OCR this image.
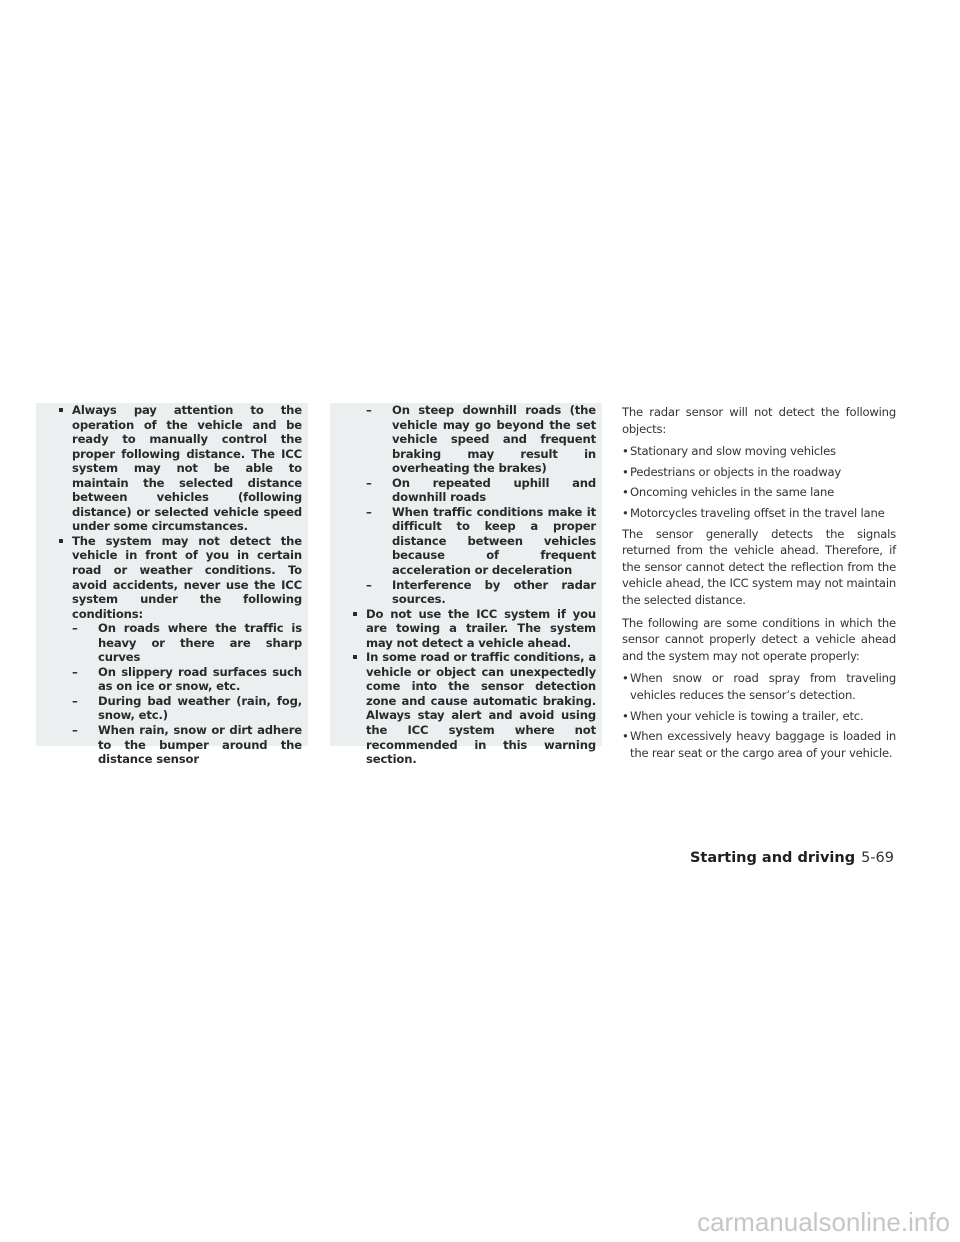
Always pay attention to the operation of the vehicle and be ready to manually control the proper following distance. The ICC system may not be able to maintain the selected distance between vehicles (following distance) or selected vehicle speed under some circumstances.
The system may not detect the vehicle in front of you in certain road or weather conditions. To avoid accidents, never use the ICC system under the following conditions:
– On roads where the traffic is heavy or there are sharp curves
– On slippery road surfaces such as on ice or snow, etc.
– During bad weather (rain, fog, snow, etc.)
– When rain, snow or dirt adhere to the bumper around the distance sensor
– On steep downhill roads (the vehicle may go beyond the set vehicle speed and frequent braking may result in overheating the brakes)
– On repeated uphill and downhill roads
– When traffic conditions make it difficult to keep a proper distance between vehicles because of frequent acceleration or deceleration
– Interference by other radar sources.
Do not use the ICC system if you are towing a trailer. The system may not detect a vehicle ahead.
In some road or traffic conditions, a vehicle or object can unexpectedly come into the sensor detection zone and cause automatic braking. Always stay alert and avoid using the ICC system where not recommended in this warning section.

The radar sensor will not detect the following objects:

• Stationary and slow moving vehicles
• Pedestrians or objects in the roadway
• Oncoming vehicles in the same lane
• Motorcycles traveling offset in the travel lane

The sensor generally detects the signals returned from the vehicle ahead. Therefore, if the sensor cannot detect the reflection from the vehicle ahead, the ICC system may not maintain the selected distance.

The following are some conditions in which the sensor cannot properly detect a vehicle ahead and the system may not operate properly:

• When snow or road spray from traveling vehicles reduces the sensor’s detection.
• When your vehicle is towing a trailer, etc.
• When excessively heavy baggage is loaded in the rear seat or the cargo area of your vehicle.
Starting and driving 5-69
carmanualsonline.info
